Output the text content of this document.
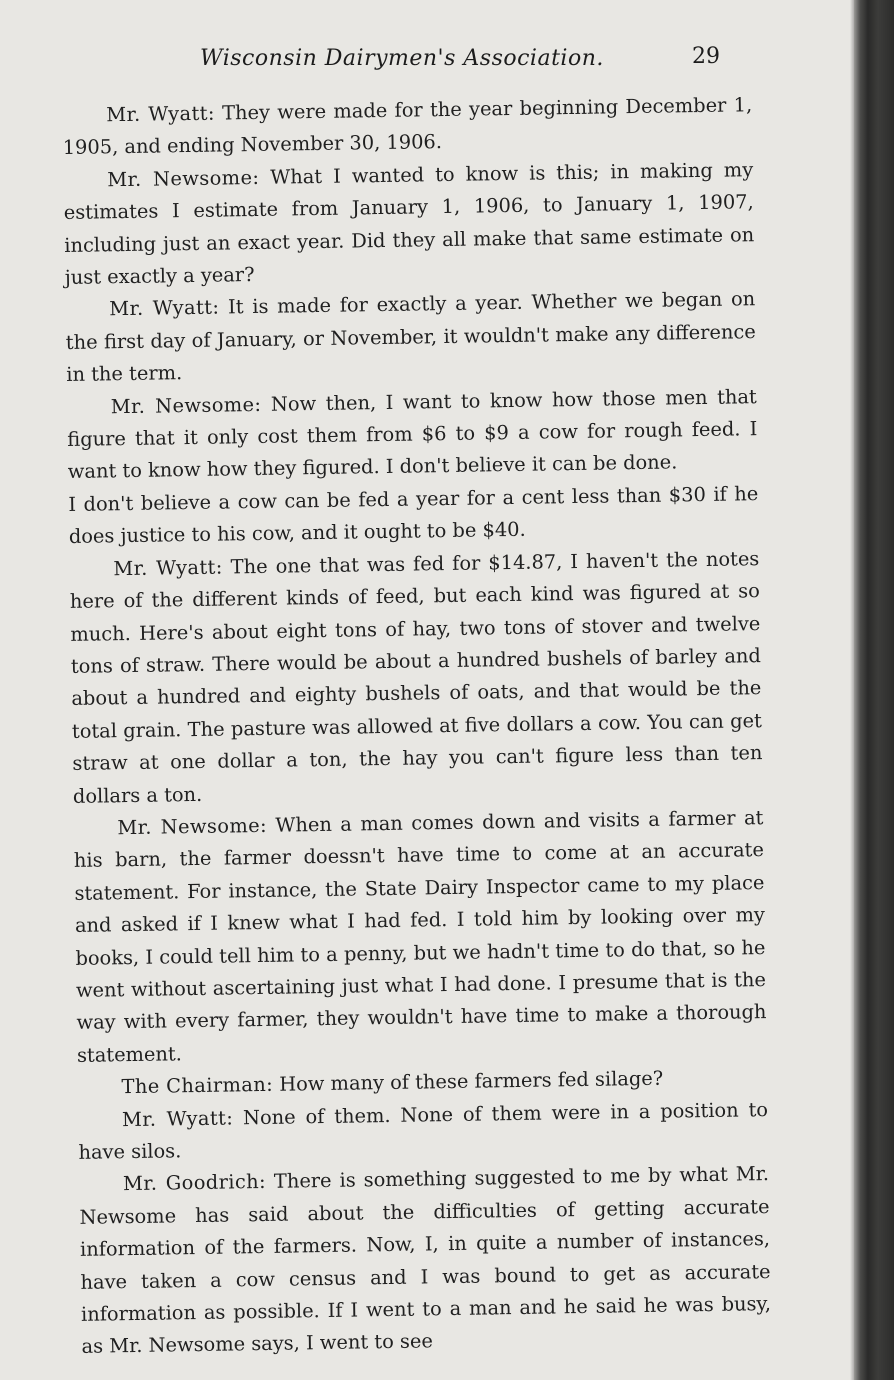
Wisconsin Dairymen's Association.	29

Mr. Wyatt: They were made for the year beginning December 1, 1905, and ending November 30, 1906.

Mr. Newsome: What I wanted to know is this; in making my estimates I estimate from January 1, 1906, to January 1, 1907, including just an exact year. Did they all make that same estimate on just exactly a year?

Mr. Wyatt: It is made for exactly a year. Whether we began on the first day of January, or November, it wouldn't make any difference in the term.

Mr. Newsome: Now then, I want to know how those men that figure that it only cost them from $6 to $9 a cow for rough feed. I want to know how they figured. I don't believe it can be done.

I don't believe a cow can be fed a year for a cent less than $30 if he does justice to his cow, and it ought to be $40.

Mr. Wyatt: The one that was fed for $14.87, I haven't the notes here of the different kinds of feed, but each kind was figured at so much. Here's about eight tons of hay, two tons of stover and twelve tons of straw. There would be about a hundred bushels of barley and about a hundred and eighty bushels of oats, and that would be the total grain. The pasture was allowed at five dollars a cow. You can get straw at one dollar a ton, the hay you can't figure less than ten dollars a ton.

Mr. Newsome: When a man comes down and visits a farmer at his barn, the farmer doessn't have time to come at an accurate statement. For instance, the State Dairy Inspector came to my place and asked if I knew what I had fed. I told him by looking over my books, I could tell him to a penny, but we hadn't time to do that, so he went without ascertaining just what I had done. I presume that is the way with every farmer, they wouldn't have time to make a thorough statement.

The Chairman: How many of these farmers fed silage?

Mr. Wyatt: None of them. None of them were in a position to have silos.

Mr. Goodrich: There is something suggested to me by what Mr. Newsome has said about the difficulties of getting accurate information of the farmers. Now, I, in quite a number of instances, have taken a cow census and I was bound to get as accurate information as possible. If I went to a man and he said he was busy, as Mr. Newsome says, I went to see
